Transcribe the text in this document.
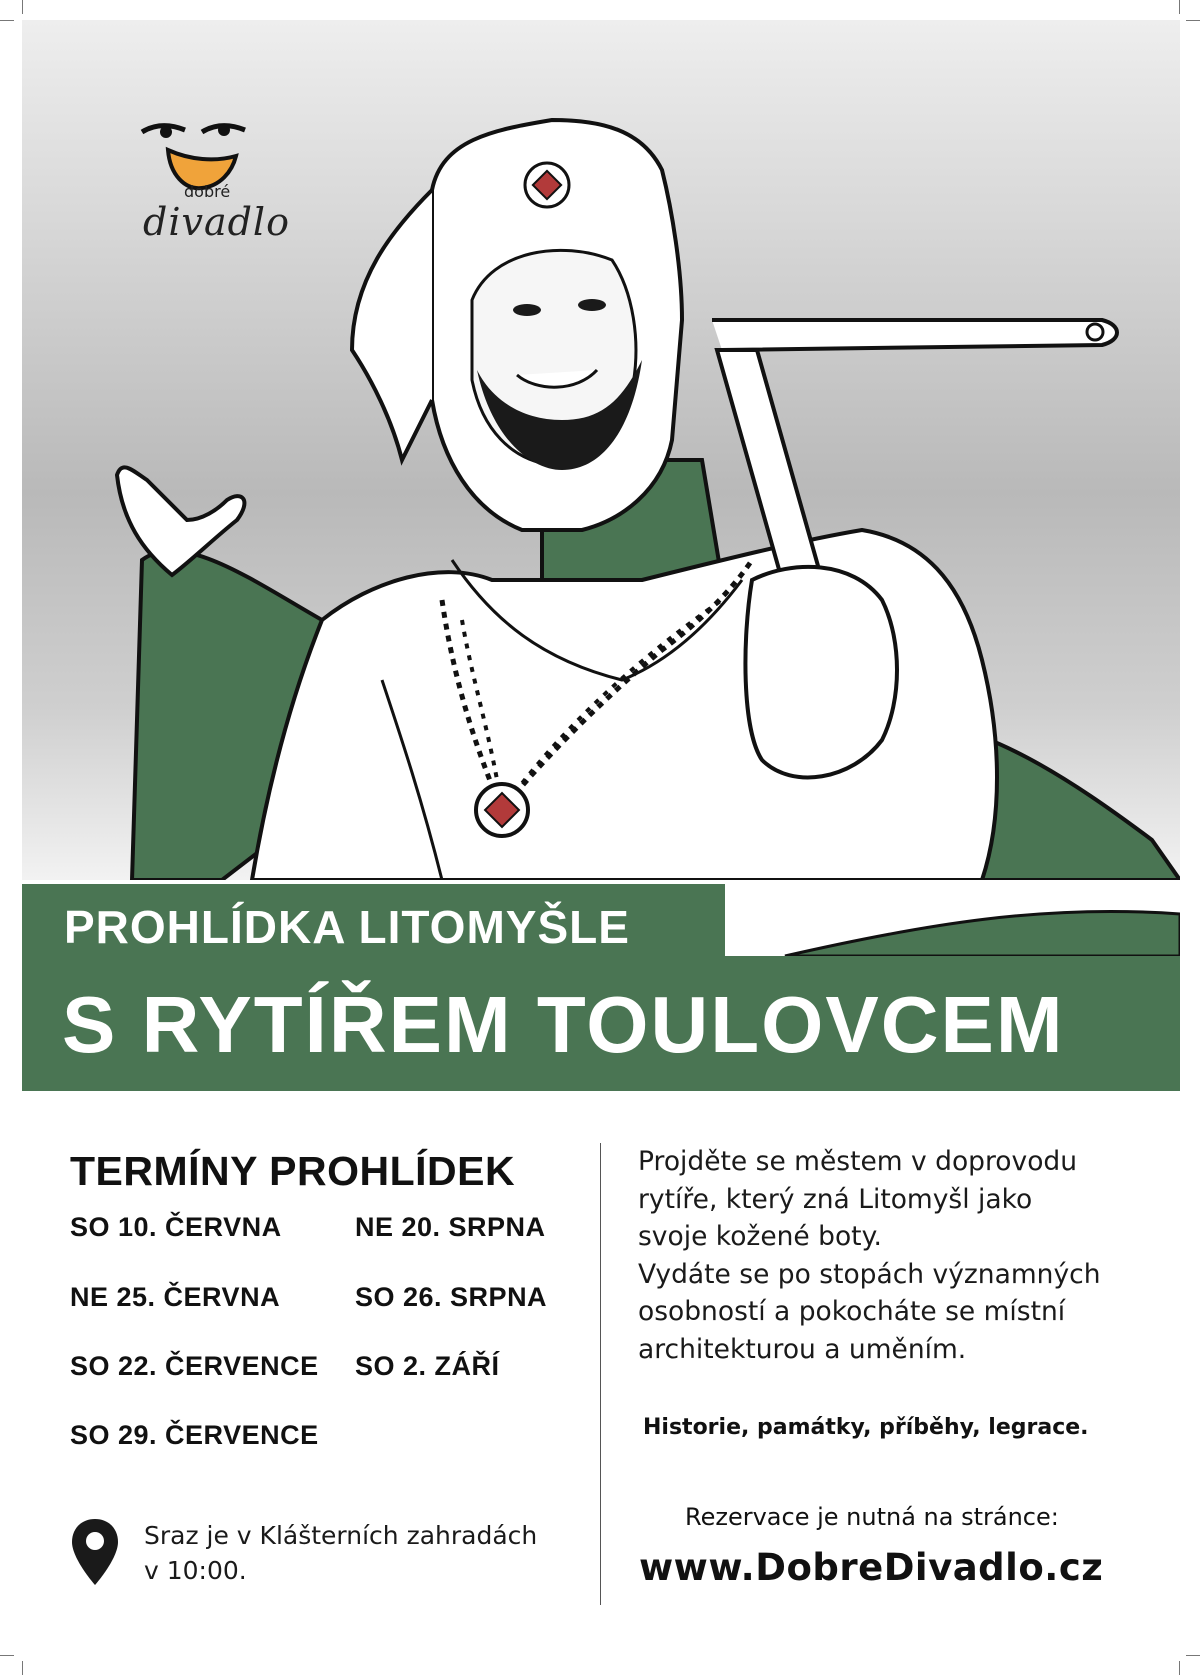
dobré
divadlo
PROHLÍDKA LITOMYŠLE
S RYTÍŘEM TOULOVCEM
TERMÍNY PROHLÍDEK
SO 10. ČERVNA
NE 25. ČERVNA
SO 22. ČERVENCE
SO 29. ČERVENCE
NE 20. SRPNA
SO 26. SRPNA
SO 2. ZÁŘÍ
Sraz je v Klášterních zahradách
v 10:00.
Projděte se městem v doprovodu
rytíře, který zná Litomyšl jako
svoje kožené boty.
Vydáte se po stopách významných
osobností a pokocháte se místní
architekturou a uměním.
Historie, památky, příběhy, legrace.
Rezervace je nutná na stránce:
www.DobreDivadlo.cz
